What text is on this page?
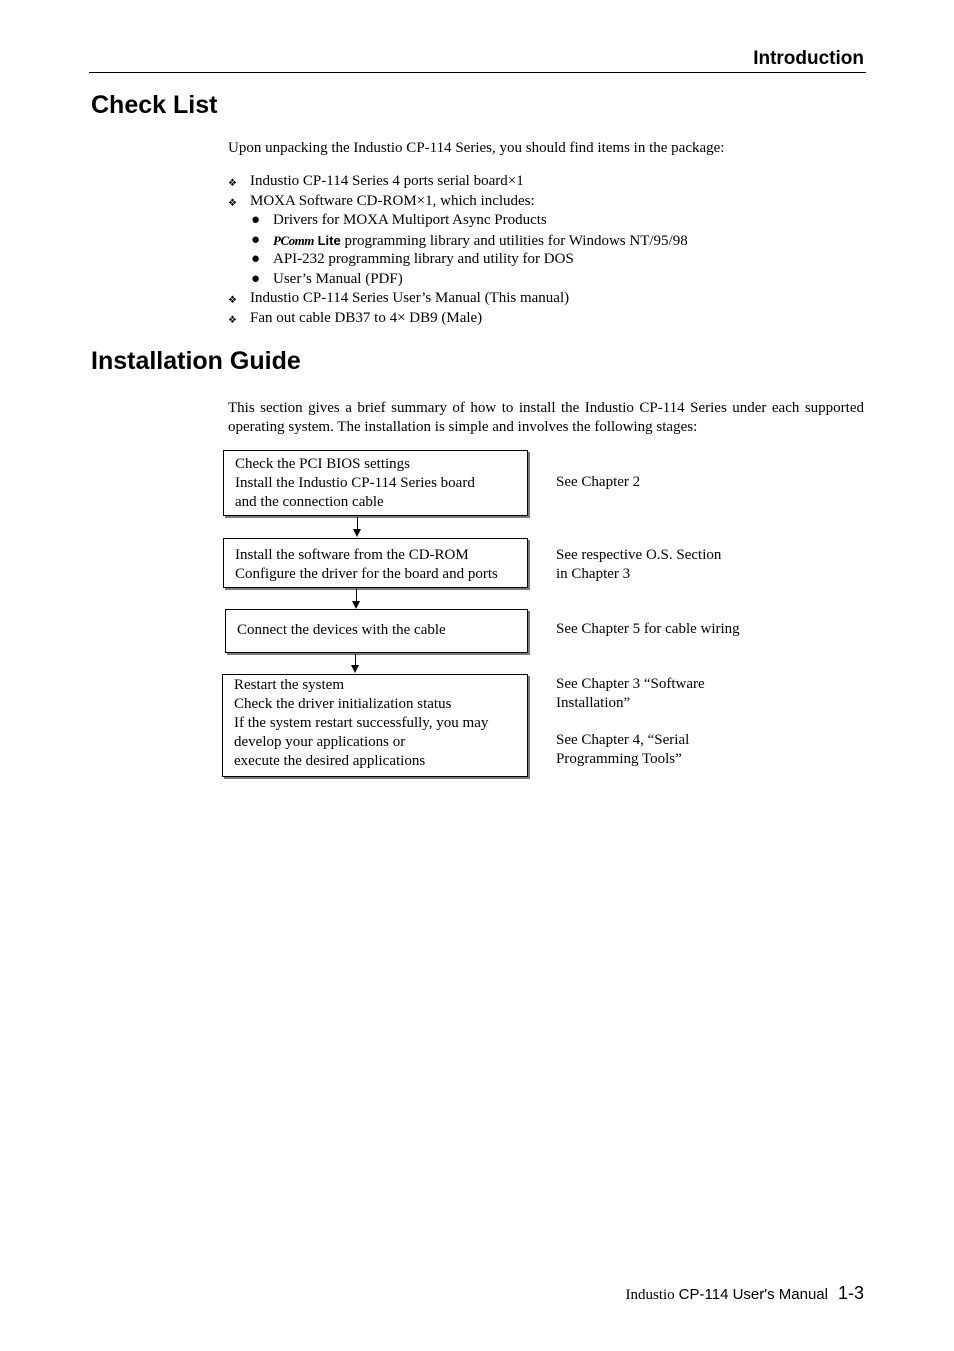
Introduction
Check List
Upon unpacking the Industio CP-114 Series, you should find items in the package:
❖ Industio CP-114 Series 4 ports serial board×1
❖ MOXA Software CD-ROM×1, which includes:
● Drivers for MOXA Multiport Async Products
● PComm Lite programming library and utilities for Windows NT/95/98
● API-232 programming library and utility for DOS
● User’s Manual (PDF)
❖ Industio CP-114 Series User’s Manual (This manual)
❖ Fan out cable DB37 to 4× DB9 (Male)
Installation Guide
This section gives a brief summary of how to install the Industio CP-114 Series under each supported operating system. The installation is simple and involves the following stages:
Check the PCI BIOS settings
Install the Industio CP-114 Series board
and the connection cable
See Chapter 2
Install the software from the CD-ROM
Configure the driver for the board and ports
See respective O.S. Section
in Chapter 3
Connect the devices with the cable	See Chapter 5 for cable wiring
Restart the system
Check the driver initialization status
If the system restart successfully, you may
develop your applications or
execute the desired applications
See Chapter 3 “Software
Installation”
See Chapter 4, “Serial
Programming Tools”
Industio CP-114 User's Manual 1-3
